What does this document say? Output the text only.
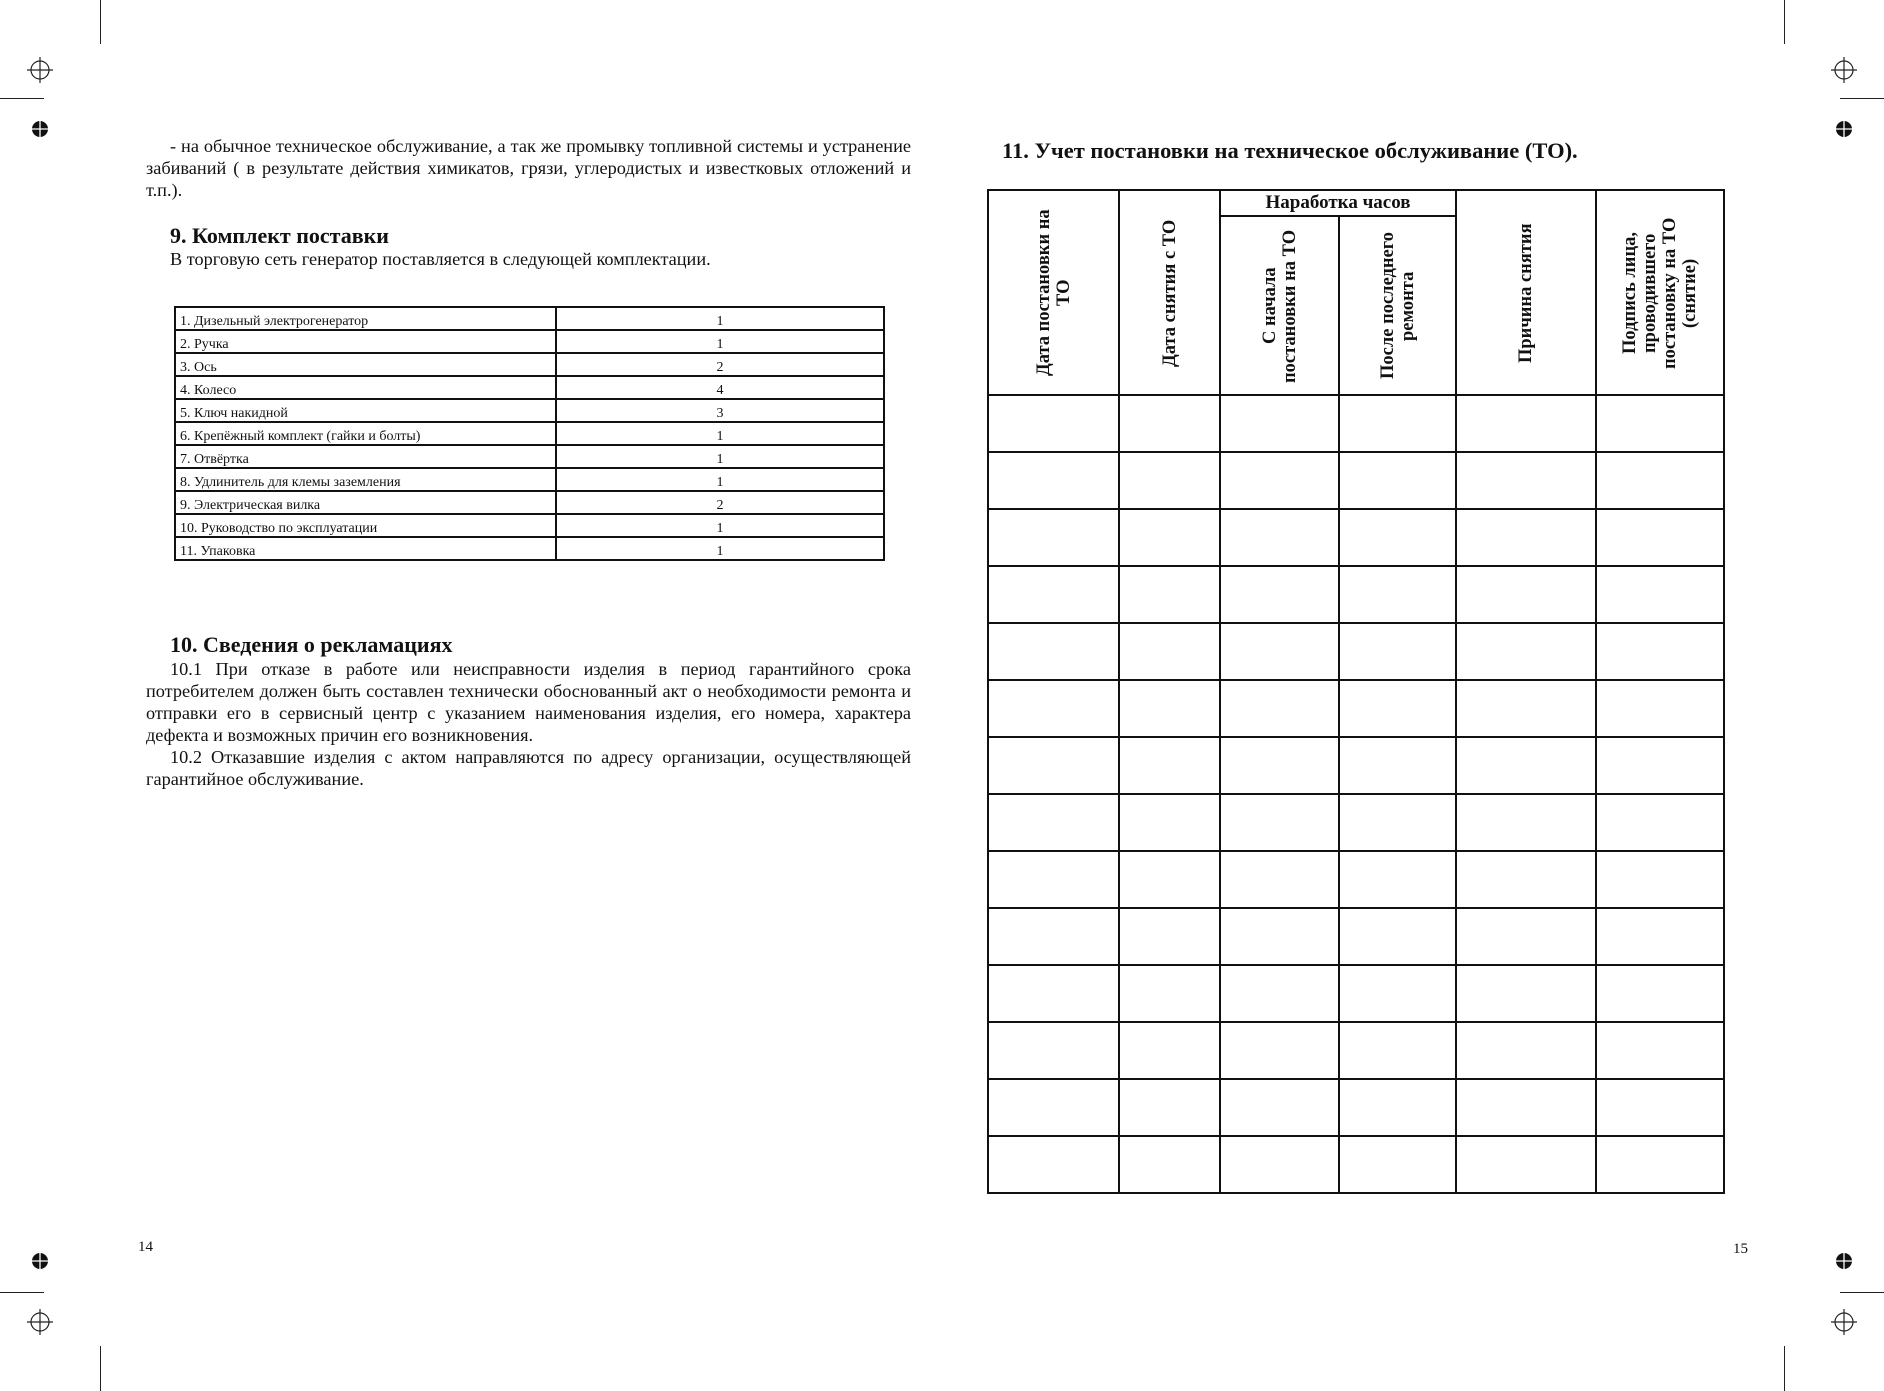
- на обычное техническое обслуживание, а так же промывку топливной системы и устранение забиваний ( в результате действия химикатов, грязи, углеродистых и известковых отложений и т.п.).

9. Комплект поставки
В торговую сеть генератор поставляется в следующей комплектации.
1. Дизельный электрогенератор	1
2. Ручка	1
3. Ось	2
4. Колесо	4
5. Ключ накидной	3
6. Крепёжный комплект (гайки и болты)	1
7. Отвёртка	1
8. Удлинитель для клемы заземления	1
9. Электрическая вилка	2
10. Руководство по эксплуатации	1
11. Упаковка	1
10. Сведения о рекламациях

10.1 При отказе в работе или неисправности изделия в период гарантийного срока потребителем должен быть составлен технически обоснованный акт о необходимости ремонта и отправки его в сервисный центр с указанием наименования изделия, его номера, характера дефекта и возможных причин его возникновения.

10.2 Отказавшие изделия с актом направляются по адресу организации, осуществляющей гарантийное обслуживание.

14
11. Учет постановки на техническое обслуживание (ТО).
Дата постановки на ТО	Дата снятия с ТО	Наработка часов		Причина снятия	Подпись лица, проводившего постановку на ТО (снятие)

		С начала постановки на ТО	После последнего ремонта		

15
